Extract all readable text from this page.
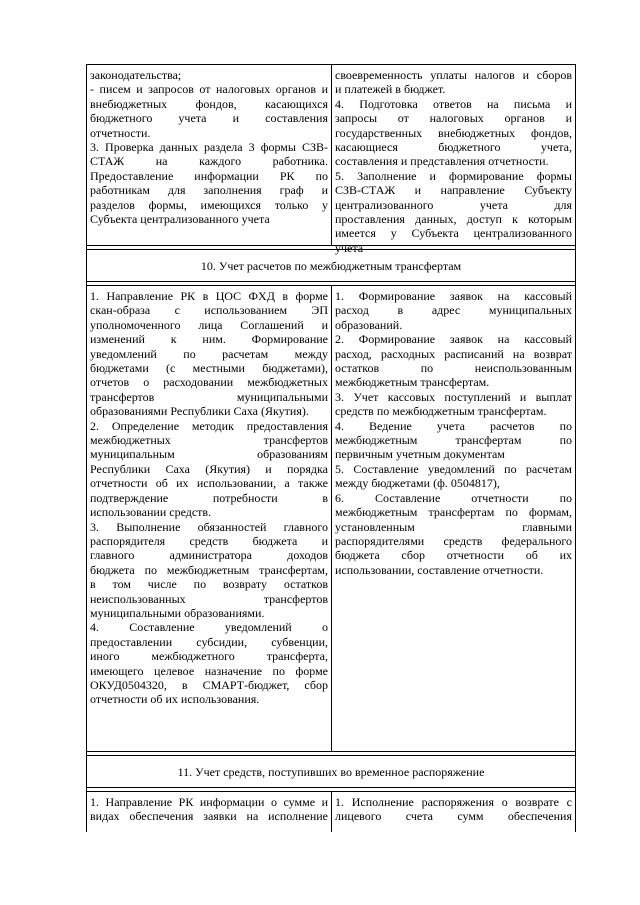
законодательства;
- писем и запросов от налоговых органов и
внебюджетных фондов, касающихся
бюджетного учета и составления
отчетности.
3. Проверка данных раздела 3 формы СЗВ-
СТАЖ на каждого работника.
Предоставление информации РК по
работникам для заполнения граф и
разделов формы, имеющихся только у
Субъекта централизованного учета
своевременность уплаты налогов и сборов
и платежей в бюджет.
4. Подготовка ответов на письма и
запросы от налоговых органов и
государственных внебюджетных фондов,
касающиеся бюджетного учета,
составления и представления отчетности.
5. Заполнение и формирование формы
СЗВ-СТАЖ и направление Субъекту
централизованного учета для
проставления данных, доступ к которым
имеется у Субъекта централизованного
учета
10. Учет расчетов по межбюджетным трансфертам
1. Направление РК в ЦОС ФХД в форме
скан-образа с использованием ЭП
уполномоченного лица Соглашений и
изменений к ним. Формирование
уведомлений по расчетам между
бюджетами (с местными бюджетами),
отчетов о расходовании межбюджетных
трансфертов муниципальными
образованиями Республики Саха (Якутия).
2. Определение методик предоставления
межбюджетных трансфертов
муниципальным образованиям
Республики Саха (Якутия) и порядка
отчетности об их использовании, а также
подтверждение потребности в
использовании средств.
3. Выполнение обязанностей главного
распорядителя средств бюджета и
главного администратора доходов
бюджета по межбюджетным трансфертам,
в том числе по возврату остатков
неиспользованных трансфертов
муниципальными образованиями.
4. Составление уведомлений о
предоставлении субсидии, субвенции,
иного межбюджетного трансферта,
имеющего целевое назначение по форме
ОКУД0504320, в СМАРТ-бюджет, сбор
отчетности об их использования.
1. Формирование заявок на кассовый
расход в адрес муниципальных
образований.
2. Формирование заявок на кассовый
расход, расходных расписаний на возврат
остатков по неиспользованным
межбюджетным трансфертам.
3. Учет кассовых поступлений и выплат
средств по межбюджетным трансфертам.
4. Ведение учета расчетов по
межбюджетным трансфертам по
первичным учетным документам
5. Составление уведомлений по расчетам
между бюджетами (ф. 0504817),
6. Составление отчетности по
межбюджетным трансфертам по формам,
установленным главными
распорядителями средств федерального
бюджета сбор отчетности об их
использовании, составление отчетности.
11. Учет средств, поступивших во временное распоряжение
1. Направление РК информации о сумме и
видах обеспечения заявки на исполнение
1. Исполнение распоряжения о возврате с
лицевого счета сумм обеспечения
